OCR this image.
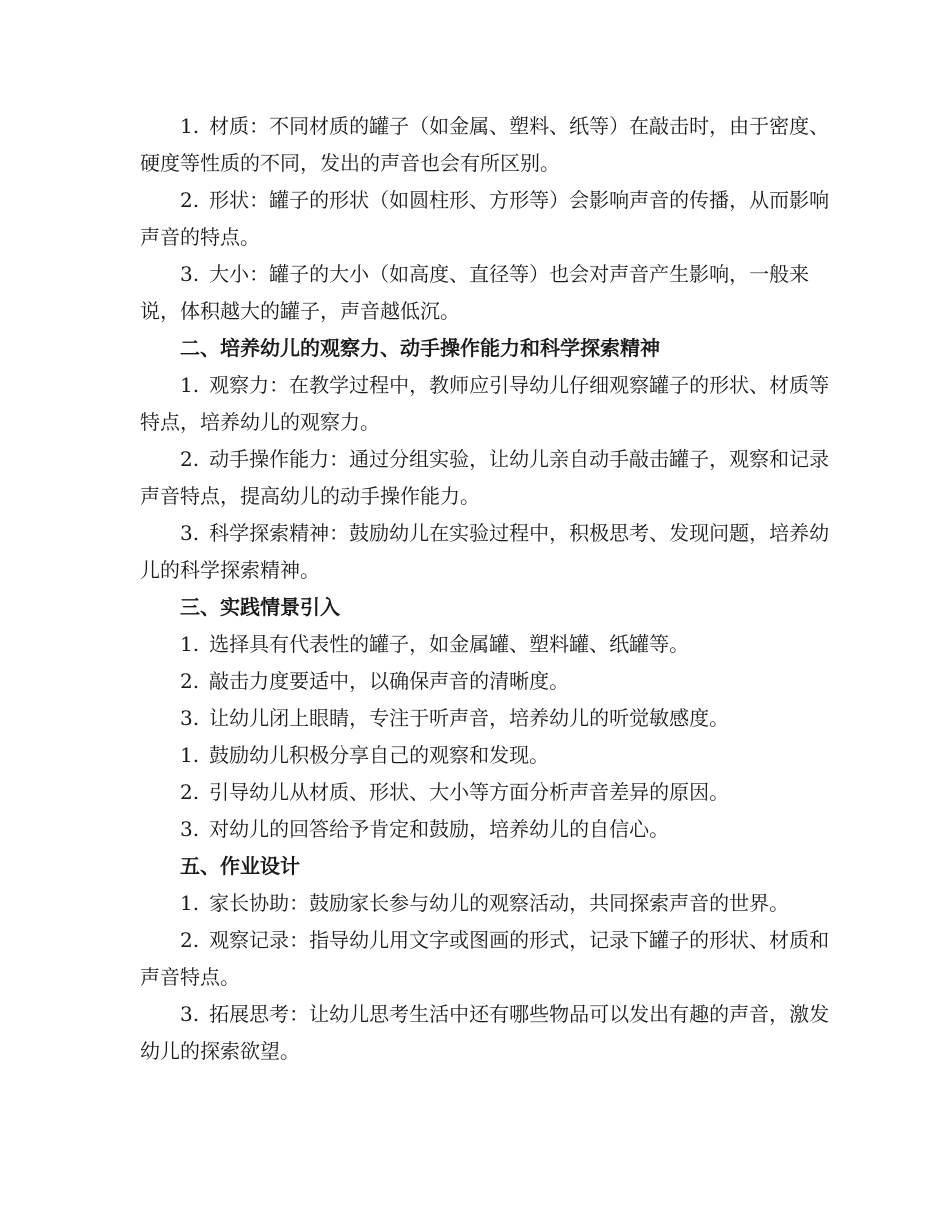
1. 材质：不同材质的罐子（如金属、塑料、纸等）在敲击时，由于密度、硬度等性质的不同，发出的声音也会有所区别。

2. 形状：罐子的形状（如圆柱形、方形等）会影响声音的传播，从而影响声音的特点。

3. 大小：罐子的大小（如高度、直径等）也会对声音产生影响，一般来说，体积越大的罐子，声音越低沉。

二、培养幼儿的观察力、动手操作能力和科学探索精神

1. 观察力：在教学过程中，教师应引导幼儿仔细观察罐子的形状、材质等特点，培养幼儿的观察力。

2. 动手操作能力：通过分组实验，让幼儿亲自动手敲击罐子，观察和记录声音特点，提高幼儿的动手操作能力。

3. 科学探索精神：鼓励幼儿在实验过程中，积极思考、发现问题，培养幼儿的科学探索精神。

三、实践情景引入

1. 选择具有代表性的罐子，如金属罐、塑料罐、纸罐等。

2. 敲击力度要适中，以确保声音的清晰度。

3. 让幼儿闭上眼睛，专注于听声音，培养幼儿的听觉敏感度。

1. 鼓励幼儿积极分享自己的观察和发现。

2. 引导幼儿从材质、形状、大小等方面分析声音差异的原因。

3. 对幼儿的回答给予肯定和鼓励，培养幼儿的自信心。

五、作业设计

1. 家长协助：鼓励家长参与幼儿的观察活动，共同探索声音的世界。

2. 观察记录：指导幼儿用文字或图画的形式，记录下罐子的形状、材质和声音特点。

3. 拓展思考：让幼儿思考生活中还有哪些物品可以发出有趣的声音，激发幼儿的探索欲望。
